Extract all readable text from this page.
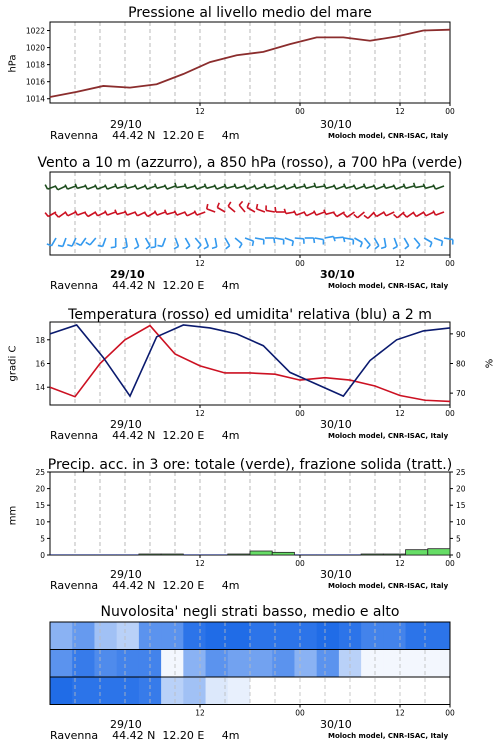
Pressione al livello medio del mare
hPa
12	00	12	00
1014
1016
1018
1020
1022
29/10	30/10
Ravenna 44.42 N 12.20 E 4m	Moloch model, CNR-ISAC, Italy
Vento a 10 m (azzurro), a 850 hPa (rosso), a 700 hPa (verde)
12	00	12	00
29/10	30/10
Ravenna 44.42 N 12.20 E 4m	Moloch model, CNR-ISAC, Italy
Temperatura (rosso) ed umidita' relativa (blu) a 2 m
gradi C	%
12	00	12	00
14
16
18
70
80
90
29/10	30/10
Ravenna 44.42 N 12.20 E 4m	Moloch model, CNR-ISAC, Italy
Precip. acc. in 3 ore: totale (verde), frazione solida (tratt.)
mm
12	00	12	00
0	0
5	5
10	10
15	15
20	20
25	25
29/10	30/10
Ravenna 44.42 N 12.20 E 4m	Moloch model, CNR-ISAC, Italy
Nuvolosita' negli strati basso, medio e alto
12	00	12	00
29/10	30/10
Ravenna 44.42 N 12.20 E 4m	Moloch model, CNR-ISAC, Italy
